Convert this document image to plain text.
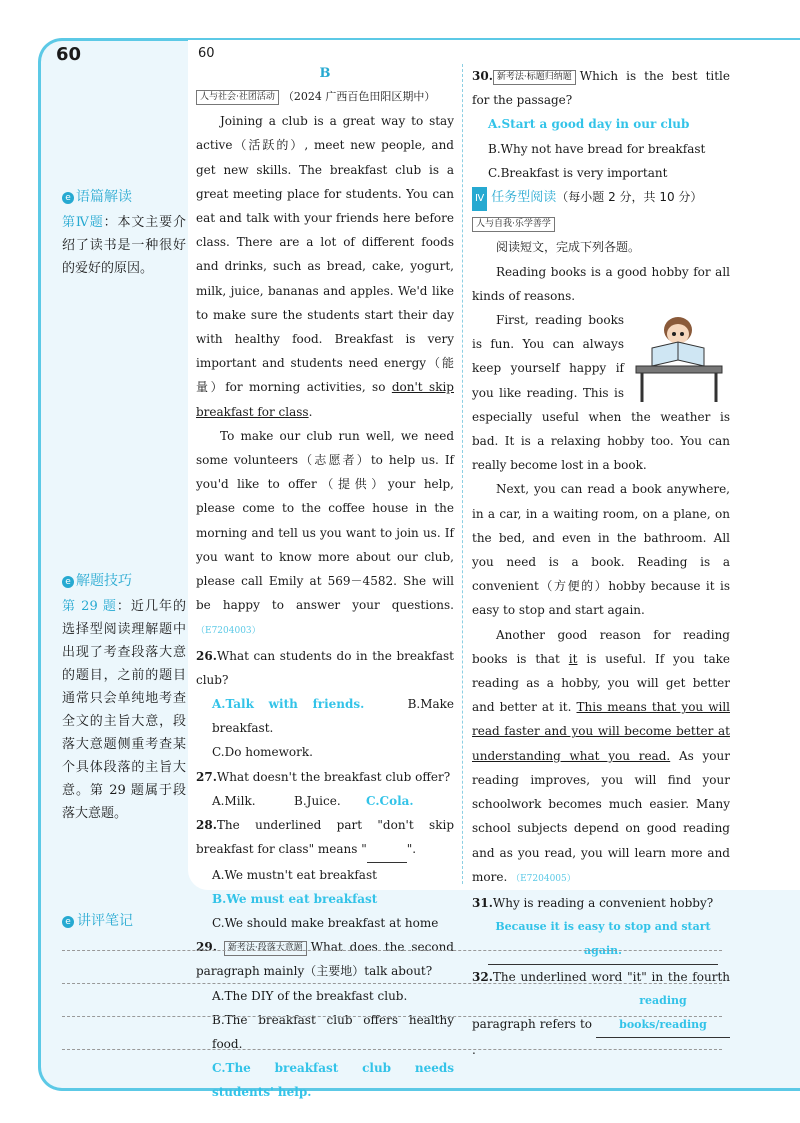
60	60
e 语篇解读

第Ⅳ题：本文主要介绍了读书是一种很好的爱好的原因。

e 解题技巧

第 29 题：近几年的选择型阅读理解题中出现了考查段落大意的题目，之前的题目通常只会单纯地考查全文的主旨大意，段落大意题侧重考查某个具体段落的主旨大意。第 29 题属于段落大意题。

B

人与社会·社团活动 （2024 广西百色田阳区期中）

Joining a club is a great way to stay active（活跃的）, meet new people, and get new skills. The breakfast club is a great meeting place for students. You can eat and talk with your friends here before class. There are a lot of different foods and drinks, such as bread, cake, yogurt, milk, juice, bananas and apples. We'd like to make sure the students start their day with healthy food. Breakfast is very important and students need energy（能量）for morning activities, so don't skip breakfast for class.

To make our club run well, we need some volunteers（志愿者）to help us. If you'd like to offer（提供）your help, please come to the coffee house in the morning and tell us you want to join us. If you want to know more about our club, please call Emily at 569－4582. She will be happy to answer your questions. （E7204003）

26.What can students do in the breakfast club?

A.Talk with friends.	B.Make breakfast.

C.Do homework.

27.What doesn't the breakfast club offer?

A.Milk.	B.Juice. C.Cola.

28.The underlined part "don't skip breakfast for class" means "	".

A.We mustn't eat breakfast

B.We must eat breakfast

C.We should make breakfast at home

29. 新考法·段落大意题 What does the second paragraph mainly（主要地）talk about?

A.The DIY of the breakfast club.

B.The breakfast club offers healthy food.

C.The breakfast club needs students' help.

30. 新考法·标题归纳题 Which is the best title for the passage?

A.Start a good day in our club

B.Why not have bread for breakfast

C.Breakfast is very important

Ⅳ 任务型阅读（每小题 2 分，共 10 分）

人与自我·乐学善学

阅读短文，完成下列各题。

Reading books is a good hobby for all kinds of reasons.

First, reading books is fun. You can always keep yourself happy if you like reading. This is especially useful when the weather is bad. It is a relaxing hobby too. You can really become lost in a book.

Next, you can read a book anywhere, in a car, in a waiting room, on a plane, on the bed, and even in the bathroom. All you need is a book. Reading is a convenient（方便的）hobby because it is easy to stop and start again.

Another good reason for reading books is that it is useful. If you take reading as a hobby, you will get better and better at it. This means that you will read faster and you will become better at understanding what you read. As your reading improves, you will find your schoolwork becomes much easier. Many school subjects depend on good reading and as you read, you will learn more and more. （E7204005）

31.Why is reading a convenient hobby?

Because it is easy to stop and start again.

32.The underlined word "it" in the fourth paragraph refers to reading books/reading.

e 讲评笔记
